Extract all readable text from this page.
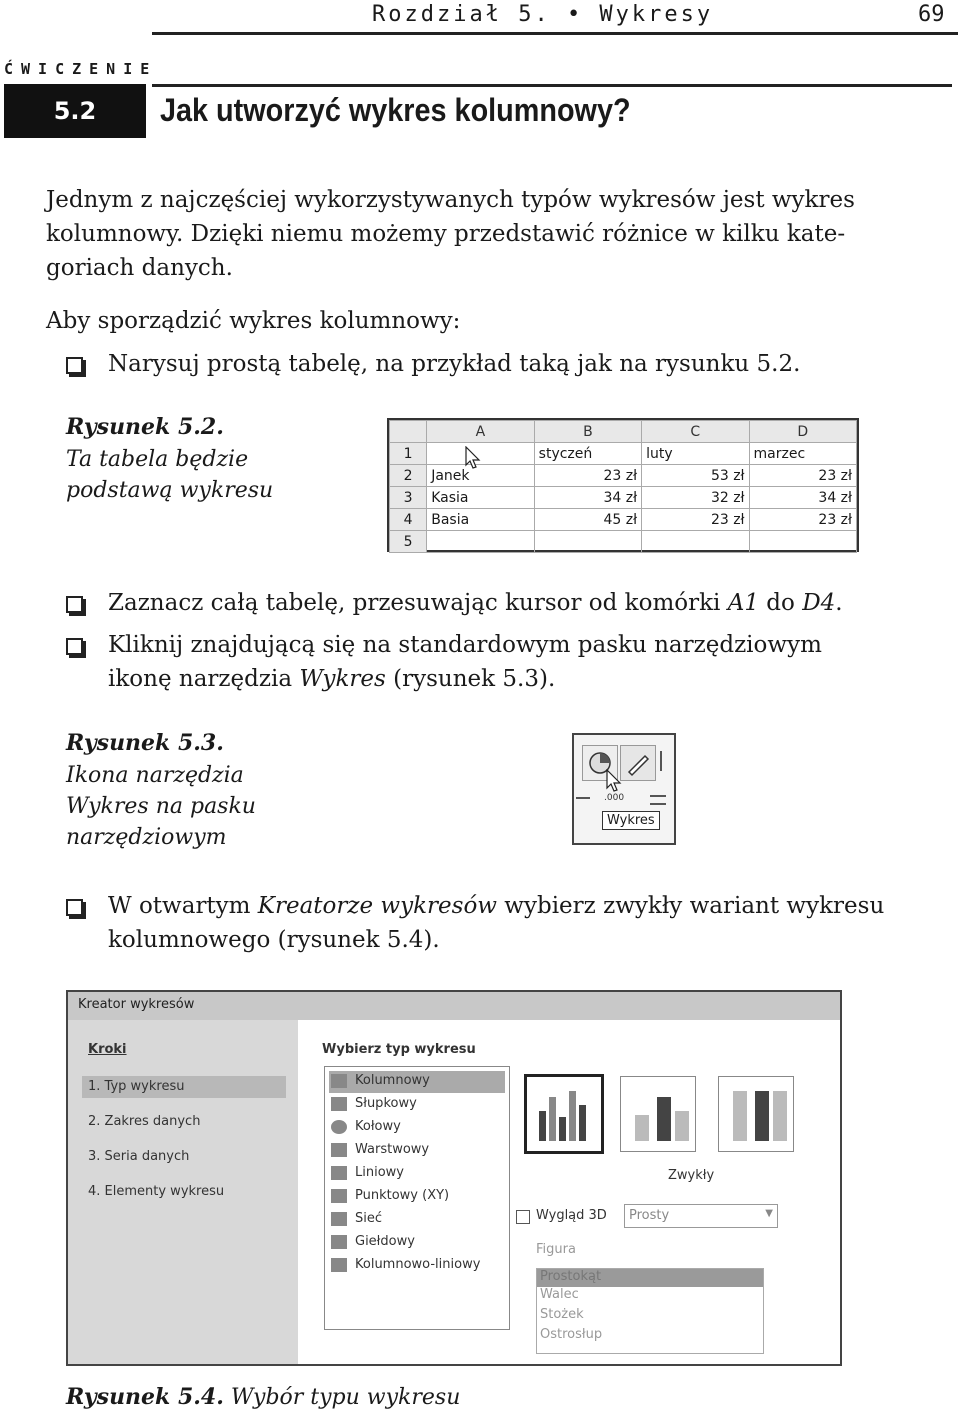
Rozdział 5. • Wykresy	69
ĆWICZENIE
5.2	Jak utworzyć wykres kolumnowy?
Jednym z najczęściej wykorzystywanych typów wykresów jest wykres
kolumnowy. Dzięki niemu możemy przedstawić różnice w kilku kate-
goriach danych.
Aby sporządzić wykres kolumnowy:
Narysuj prostą tabelę, na przykład taką jak na rysunku 5.2.
Rysunek 5.2.
Ta tabela będzie
podstawą wykresu
	A	B	C	D
1		styczeń	luty	marzec
2	Janek	23 zł	53 zł	23 zł
3	Kasia	34 zł	32 zł	34 zł
4	Basia	45 zł	23 zł	23 zł
5				
Zaznacz całą tabelę, przesuwając kursor od komórki A1 do D4.
Kliknij znajdującą się na standardowym pasku narzędziowym
ikonę narzędzia Wykres (rysunek 5.3).
Rysunek 5.3.
Ikona narzędzia
Wykres na pasku
narzędziowym
.000
Wykres
W otwartym Kreatorze wykresów wybierz zwykły wariant wykresu
kolumnowego (rysunek 5.4).
Kreator wykresów
Kroki
1. Typ wykresu
2. Zakres danych
3. Seria danych
4. Elementy wykresu
Wybierz typ wykresu
Kolumnowy
Słupkowy
Kołowy
Warstwowy
Liniowy
Punktowy (XY)
Sieć
Giełdowy
Kolumnowo-liniowy
Zwykły
Wygląd 3D Prosty	▼
Figura
Prostokąt
Walec
Stożek
Ostrosłup
Rysunek 5.4. Wybór typu wykresu
